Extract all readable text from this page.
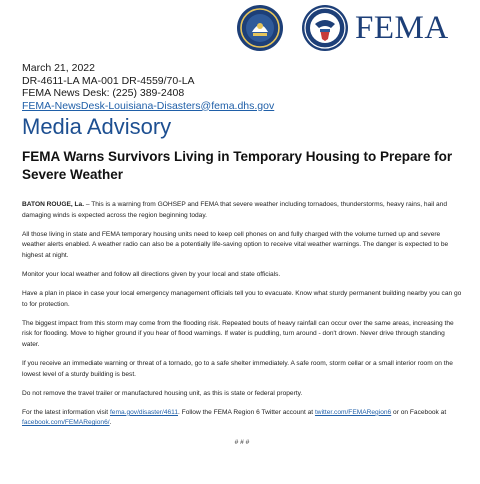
FEMA
March 21, 2022
DR-4611-LA MA-001 DR-4559/70-LA
FEMA News Desk: (225) 389-2408
FEMA-NewsDesk-Louisiana-Disasters@fema.dhs.gov
Media Advisory
FEMA Warns Survivors Living in Temporary Housing to Prepare for Severe Weather

BATON ROUGE, La. – This is a warning from GOHSEP and FEMA that severe weather including tornadoes, thunderstorms, heavy rains, hail and damaging winds is expected across the region beginning today.

All those living in state and FEMA temporary housing units need to keep cell phones on and fully charged with the volume turned up and severe weather alerts enabled. A weather radio can also be a potentially life-saving option to receive vital weather warnings. The danger is expected to be highest at night.

Monitor your local weather and follow all directions given by your local and state officials.

Have a plan in place in case your local emergency management officials tell you to evacuate. Know what sturdy permanent building nearby you can go to for protection.

The biggest impact from this storm may come from the flooding risk. Repeated bouts of heavy rainfall can occur over the same areas, increasing the risk for flooding. Move to higher ground if you hear of flood warnings. If water is puddling, turn around - don't drown. Never drive through standing water.

If you receive an immediate warning or threat of a tornado, go to a safe shelter immediately. A safe room, storm cellar or a small interior room on the lowest level of a sturdy building is best.

Do not remove the travel trailer or manufactured housing unit, as this is state or federal property.

For the latest information visit fema.gov/disaster/4611. Follow the FEMA Region 6 Twitter account at twitter.com/FEMARegion6 or on Facebook at facebook.com/FEMARegion6/.

# # #
